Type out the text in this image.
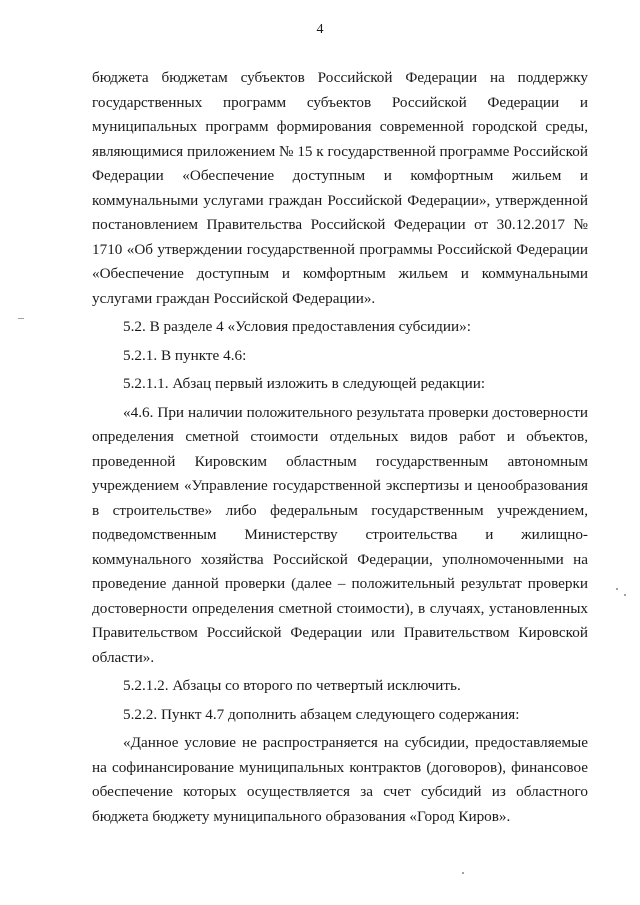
4

бюджета бюджетам субъектов Российской Федерации на поддержку государственных программ субъектов Российской Федерации и муниципальных программ формирования современной городской среды, являющимися приложением № 15 к государственной программе Российской Федерации «Обеспечение доступным и комфортным жильем и коммунальными услугами граждан Российской Федерации», утвержденной постановлением Правительства Российской Федерации от 30.12.2017 № 1710 «Об утверждении государственной программы Российской Федерации «Обеспечение доступным и комфортным жильем и коммунальными услугами граждан Российской Федерации».

5.2. В разделе 4 «Условия предоставления субсидии»:

5.2.1. В пункте 4.6:

5.2.1.1. Абзац первый изложить в следующей редакции:

«4.6. При наличии положительного результата проверки достоверности определения сметной стоимости отдельных видов работ и объектов, проведенной Кировским областным государственным автономным учреждением «Управление государственной экспертизы и ценообразования в строительстве» либо федеральным государственным учреждением, подведомственным Министерству строительства и жилищно-коммунального хозяйства Российской Федерации, уполномоченными на проведение данной проверки (далее – положительный результат проверки достоверности определения сметной стоимости), в случаях, установленных Правительством Российской Федерации или Правительством Кировской области».

5.2.1.2. Абзацы со второго по четвертый исключить.

5.2.2. Пункт 4.7 дополнить абзацем следующего содержания:

«Данное условие не распространяется на субсидии, предоставляемые на софинансирование муниципальных контрактов (договоров), финансовое обеспечение которых осуществляется за счет субсидий из областного бюджета бюджету муниципального образования «Город Киров».
